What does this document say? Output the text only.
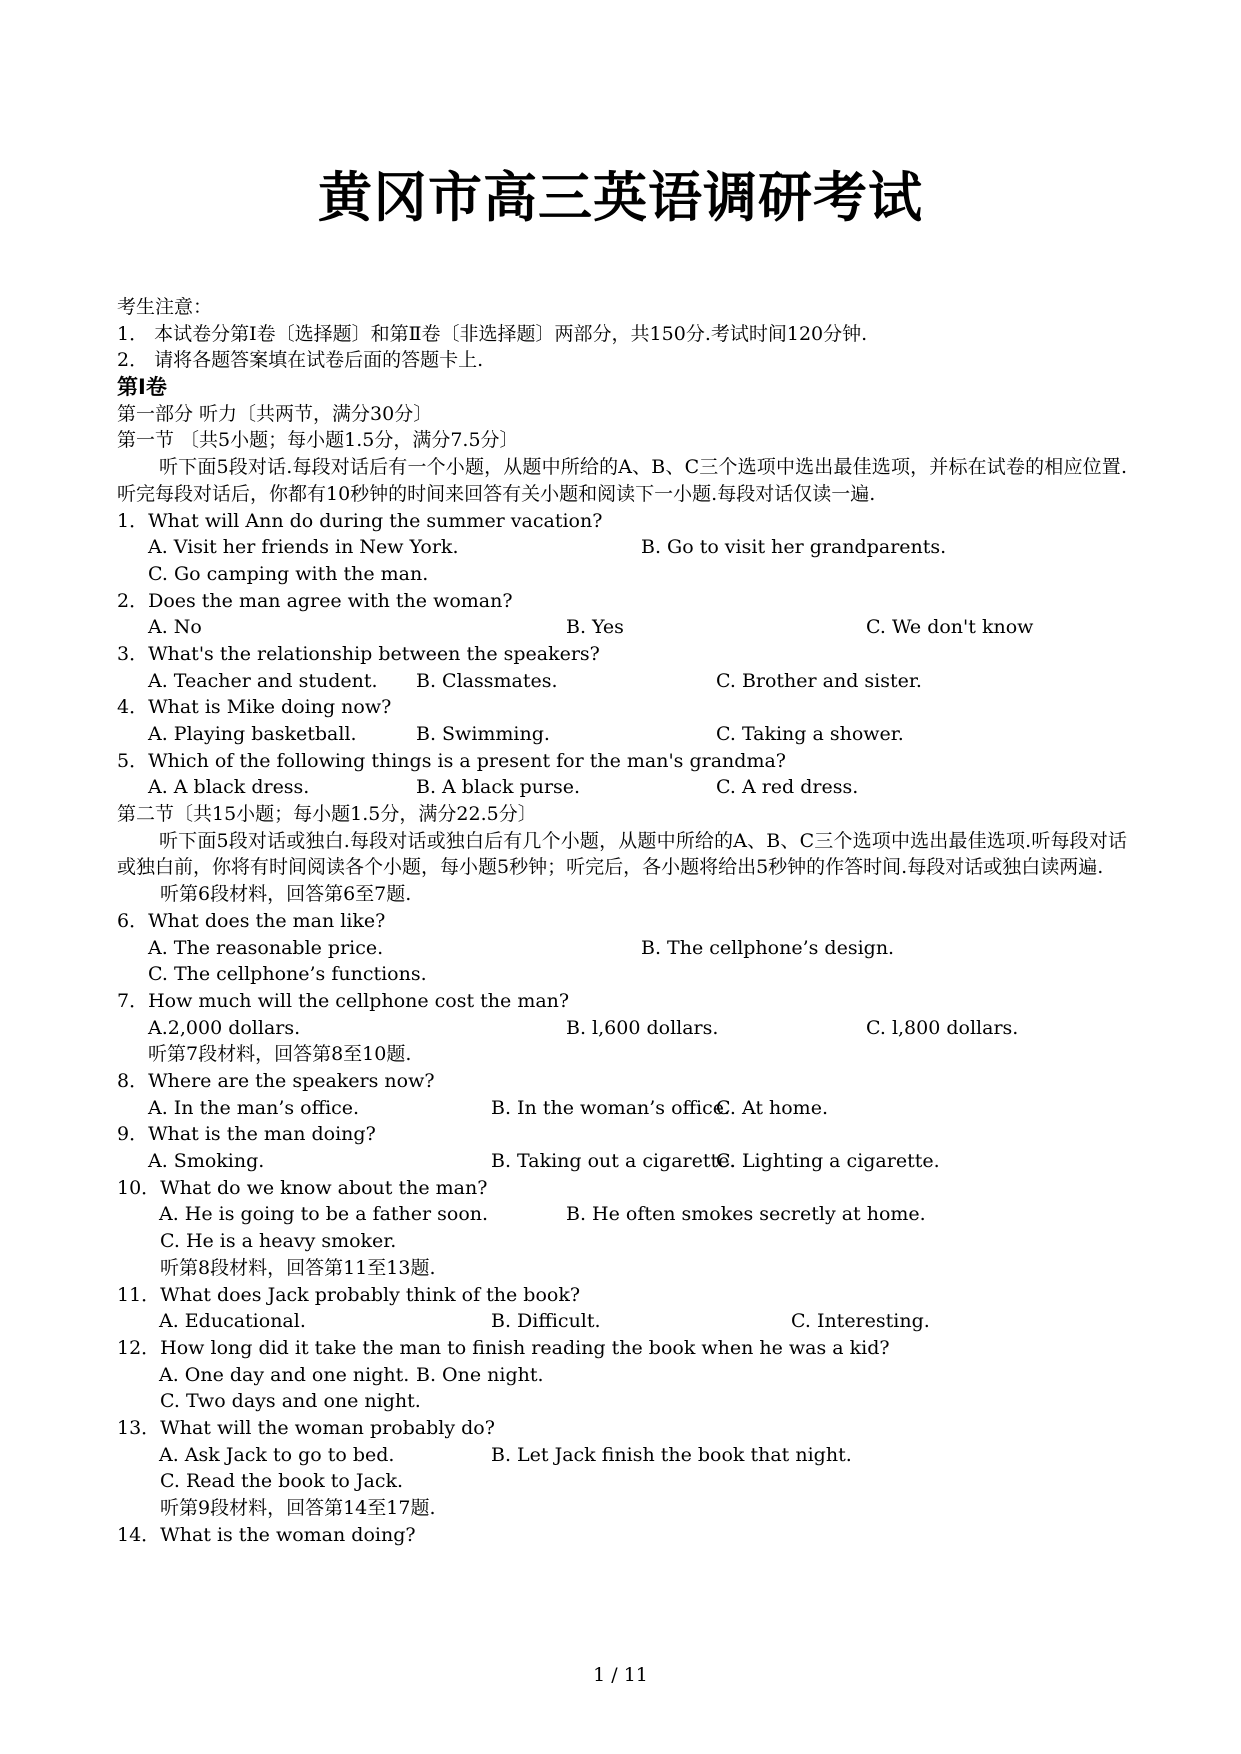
黄冈市高三英语调研考试
考生注意：
1． 本试卷分第Ⅰ卷〔选择题〕和第Ⅱ卷〔非选择题〕两部分，共150分.考试时间120分钟.
2． 请将各题答案填在试卷后面的答题卡上.
第Ⅰ卷
第一部分 听力〔共两节，满分30分〕
第一节 〔共5小题；每小题1.5分，满分7.5分〕
听下面5段对话.每段对话后有一个小题，从题中所给的A、B、C三个选项中选出最佳选项，并标在试卷的相应位置.听完每段对话后，你都有10秒钟的时间来回答有关小题和阅读下一小题.每段对话仅读一遍.
1．What will Ann do during the summer vacation?
A. Visit her friends in New York.	B. Go to visit her grandparents.
C. Go camping with the man.
2．Does the man agree with the woman?
A. No	B. Yes	C. We don't know
3．What's the relationship between the speakers?
A. Teacher and student. B. Classmates.	C. Brother and sister.
4．What is Mike doing now?
A. Playing basketball.	B. Swimming.	C. Taking a shower.
5．Which of the following things is a present for the man's grandma?
A. A black dress.	B. A black purse.	C. A red dress.
第二节〔共15小题；每小题1.5分，满分22.5分〕
听下面5段对话或独白.每段对话或独白后有几个小题，从题中所给的A、B、C三个选项中选出最佳选项.听每段对话或独白前，你将有时间阅读各个小题，每小题5秒钟；听完后，各小题将给出5秒钟的作答时间.每段对话或独白读两遍.
听第6段材料，回答第6至7题.
6．What does the man like?
A. The reasonable price.	B. The cellphone’s design.
C. The cellphone’s functions.
7．How much will the cellphone cost the man?
A.2,000 dollars.	B. l,600 dollars.	C. l,800 dollars.
听第7段材料，回答第8至10题.
8．Where are the speakers now?
A. In the man’s office.	B. In the woman’s office.
C. At home.
9．What is the man doing?
A. Smoking.	B. Taking out a cigarette.
C. Lighting a cigarette.
10．What do we know about the man?
A. He is going to be a father soon.	B. He often smokes secretly at home.
C. He is a heavy smoker.
听第8段材料，回答第11至13题.
11．What does Jack probably think of the book?
A. Educational.	B. Difficult.	C. Interesting.
12．How long did it take the man to finish reading the book when he was a kid?
A. One day and one night. B. One night.
C. Two days and one night.
13．What will the woman probably do?
A. Ask Jack to go to bed.	B. Let Jack finish the book that night.
C. Read the book to Jack.
听第9段材料，回答第14至17题.
14．What is the woman doing?
1 / 11
